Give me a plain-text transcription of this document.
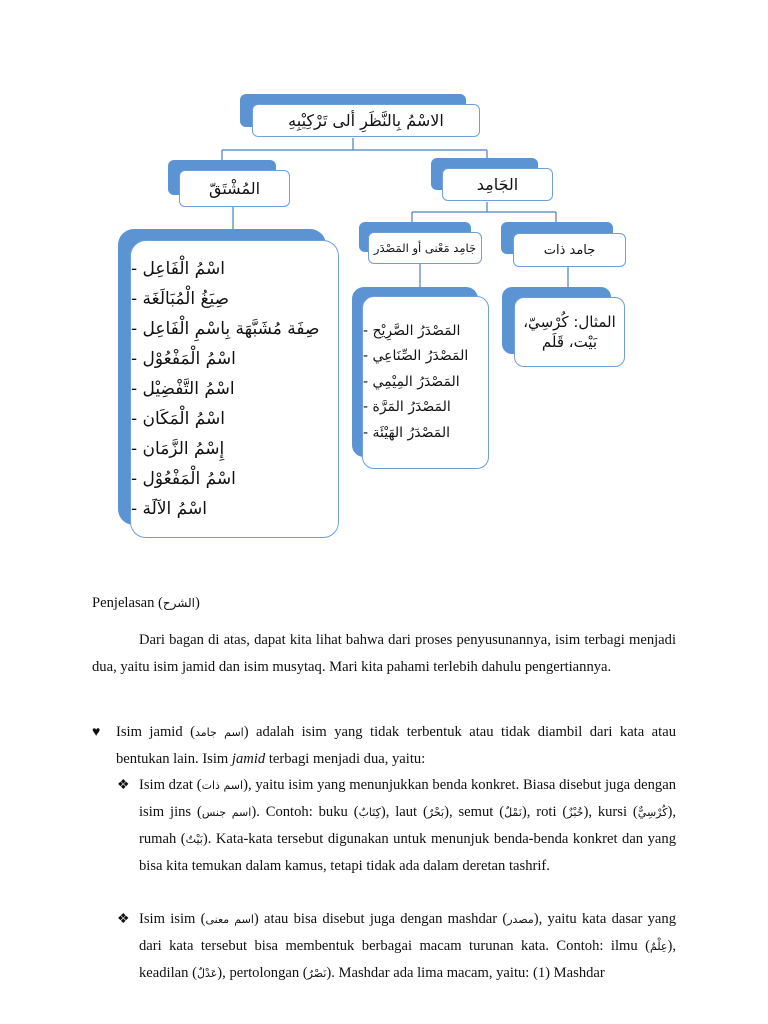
الاسْمُ بِالنَّظَرِ ألى تَرْكِيْبِهِ
المُشْتَقّ	الجَامِد
جَامِد مَعْنى أو المَصْدَر	جامد ذات
اسْمُ الْفَاعِل -
صِيَغُ الْمُبَالَغَة -
صِفَة مُشَبَّهَة بِاسْمِ الْفَاعِل -
اسْمُ الْمَفْعُوْل -
اسْمُ التَّفْضِيْل -
اسْمُ الْمَكَان -
إِسْمُ الزَّمَان -
اسْمُ الْمَفْعُوْل -
اسْمُ الآلَة -
المَصْدَرُ الصَّرِيْح -
المَصْدَرُ الصِّنَاعِي -
المَصْدَرُ المِيْمِي -
المَصْدَرُ المَرَّة -
المَصْدَرُ الهَيْئَة -
المثال: كُرْسِيّ،
بَيْت، قَلَم
Penjelasan (الشرح)
Dari bagan di atas, dapat kita lihat bahwa dari proses penyusunannya, isim terbagi menjadi dua, yaitu isim jamid dan isim musytaq. Mari kita pahami terlebih dahulu pengertiannya.
♥ Isim jamid (اسم جامد) adalah isim yang tidak terbentuk atau tidak diambil dari kata atau bentukan lain. Isim jamid terbagi menjadi dua, yaitu:
❖ Isim dzat (اسم ذات), yaitu isim yang menunjukkan benda konkret. Biasa disebut juga dengan isim jins (اسم جنس). Contoh: buku (كِتَابٌ), laut (بَحْرٌ), semut (نَمْلٌ), roti (خُبْزٌ), kursi (كُرْسِيٌّ), rumah (بَيْتٌ). Kata-kata tersebut digunakan untuk menunjuk benda-benda konkret dan yang bisa kita temukan dalam kamus, tetapi tidak ada dalam deretan tashrif.
❖ Isim isim (اسم معنى) atau bisa disebut juga dengan mashdar (مصدر), yaitu kata dasar yang dari kata tersebut bisa membentuk berbagai macam turunan kata. Contoh: ilmu (عِلْمٌ), keadilan (عَدْلٌ), pertolongan (نَصْرٌ). Mashdar ada lima macam, yaitu: (1) Mashdar
